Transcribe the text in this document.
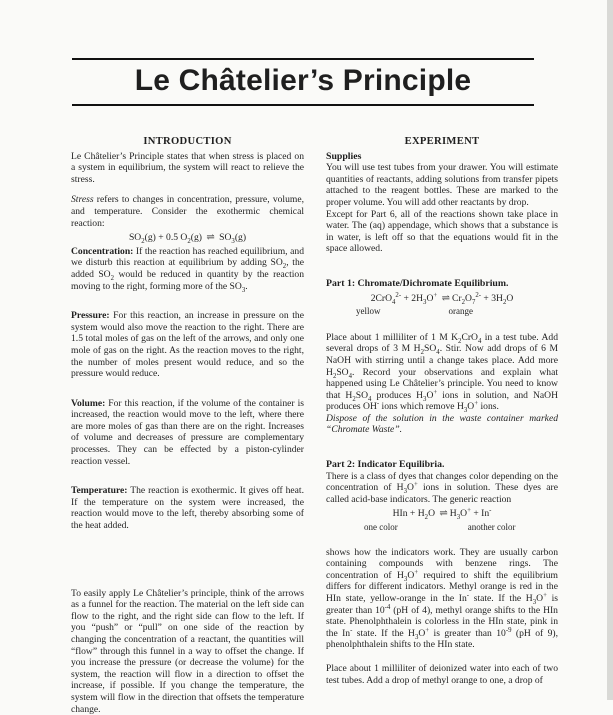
Le Châtelier’s Principle
INTRODUCTION

Le Châtelier’s Principle states that when stress is placed on a system in equilibrium, the system will react to relieve the stress.

Stress refers to changes in concentration, pressure, volume, and temperature. Consider the exothermic chemical reaction:

$SO_2(g) + 0.5$ $O_2(g)$ ⇌ $SO_3(g)$

Concentration: If the reaction has reached equilibrium, and we disturb this reaction at equilibrium by adding $SO_2$, the added $SO_2$ would be reduced in quantity by the reaction moving to the right, forming more of the $SO_3$.

Pressure: For this reaction, an increase in pressure on the system would also move the reaction to the right. There are 1.5 total moles of gas on the left of the arrows, and only one mole of gas on the right. As the reaction moves to the right, the number of moles present would reduce, and so the pressure would reduce.

Volume: For this reaction, if the volume of the container is increased, the reaction would move to the left, where there are more moles of gas than there are on the right. Increases of volume and decreases of pressure are complementary processes. They can be effected by a piston-cylinder reaction vessel.

Temperature: The reaction is exothermic. It gives off heat. If the temperature on the system were increased, the reaction would move to the left, thereby absorbing some of the heat added.

To easily apply Le Châtelier’s principle, think of the arrows as a funnel for the reaction. The material on the left side can flow to the right, and the right side can flow to the left. If you “push” or “pull” on one side of the reaction by changing the concentration of a reactant, the quantities will “flow” through this funnel in a way to offset the change. If you increase the pressure (or decrease the volume) for the system, the reaction will flow in a direction to offset the increase, if possible. If you change the temperature, the system will flow in the direction that offsets the temperature change.

EXPERIMENT
Supplies

You will use test tubes from your drawer. You will estimate quantities of reactants, adding solutions from transfer pipets attached to the reagent bottles. These are marked to the proper volume. You will add other reactants by drop.

Except for Part 6, all of the reactions shown take place in water. The (aq) appendage, which shows that a substance is in water, is left off so that the equations would fit in the space allowed.

Part 1: Chromate/Dichromate Equilibrium.
$2CrO_4^{2-} + 2H_3O^+$ ⇌ $Cr_2O_7^{2-} + 3H_2O$
yellow	orange

Place about 1 milliliter of 1 M $K_2CrO_4$ in a test tube. Add several drops of 3 M $H_2SO_4$. Stir. Now add drops of 6 M NaOH with stirring until a change takes place. Add more $H_2SO_4$. Record your observations and explain what happened using Le Châtelier’s principle. You need to know that $H_2SO_4$ produces $H_3O^+$ ions in solution, and NaOH produces OH- ions which remove $H_3O^+$ ions.

Dispose of the solution in the waste container marked “Chromate Waste”.

Part 2: Indicator Equilibria.

There is a class of dyes that changes color depending on the concentration of $H_3O^+$ ions in solution. These dyes are called acid-base indicators. The generic reaction

HIn + $H_2O$ ⇌ $H_3O^+ + In^-$
one color	another color

shows how the indicators work. They are usually carbon containing compounds with benzene rings. The concentration of $H_3O^+$ required to shift the equilibrium differs for different indicators. Methyl orange is red in the HIn state, yellow-orange in the In- state. If the $H_3O^+$ is greater than $10^{-4}$ (pH of 4), methyl orange shifts to the HIn state. Phenolphthalein is colorless in the HIn state, pink in the In- state. If the $H_3O^+$ is greater than $10^{-9}$ (pH of 9), phenolphthalein shifts to the HIn state.

Place about 1 milliliter of deionized water into each of two test tubes. Add a drop of methyl orange to one, a drop of
